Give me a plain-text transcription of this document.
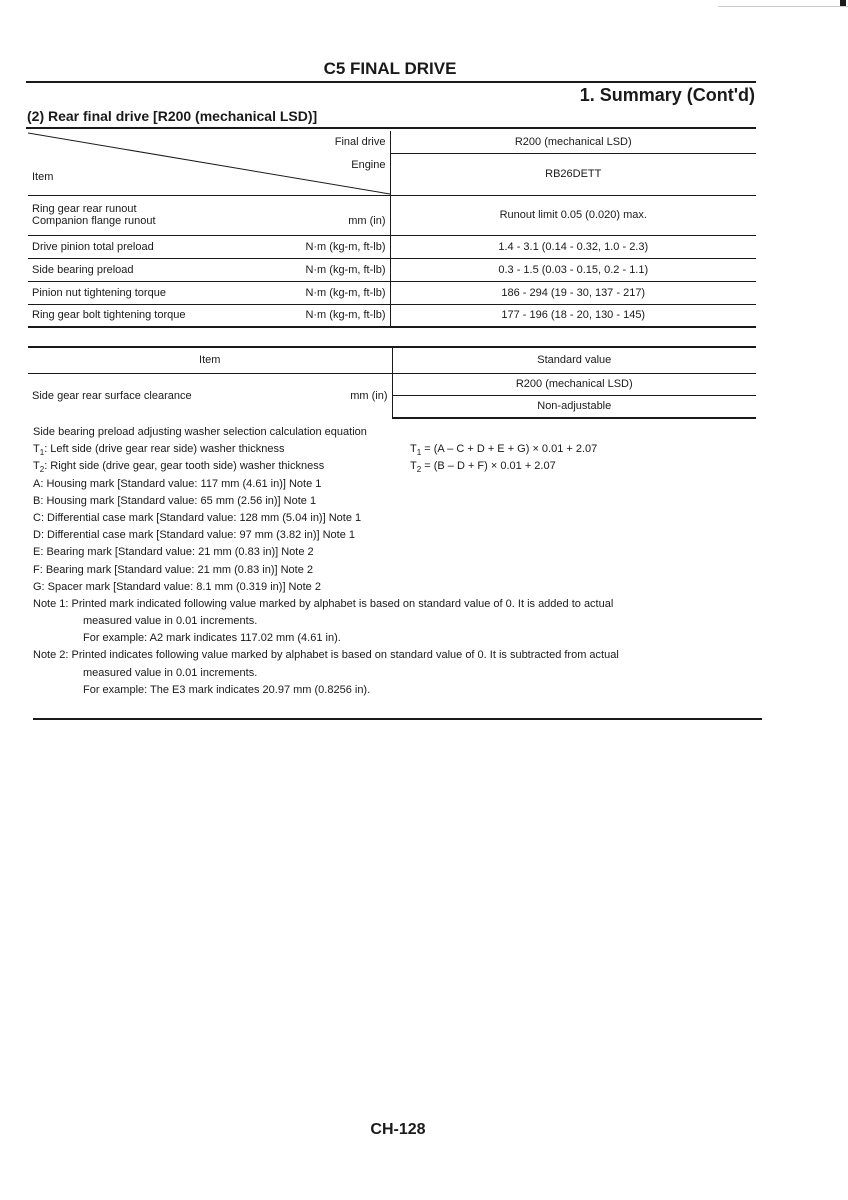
C5 FINAL DRIVE
1. Summary (Cont'd)
(2) Rear final drive [R200 (mechanical LSD)]
Final drive	R200 (mechanical LSD)

Engine
Item	RB26DETT

Ring gear rear runout
Companion flange runout mm (in)	Runout limit 0.05 (0.020) max.

Drive pinion total preload N·m (kg-m, ft-lb)	1.4 - 3.1 (0.14 - 0.32, 1.0 - 2.3)

Side bearing preload N·m (kg-m, ft-lb)	0.3 - 1.5 (0.03 - 0.15, 0.2 - 1.1)

Pinion nut tightening torque N·m (kg-m, ft-lb)	186 - 294 (19 - 30, 137 - 217)

Ring gear bolt tightening torque N·m (kg-m, ft-lb)	177 - 196 (18 - 20, 130 - 145)
Item	Standard value

Side gear rear surface clearance mm (in)	R200 (mechanical LSD)
	Non-adjustable
Side bearing preload adjusting washer selection calculation equation
$T_1$: Left side (drive gear rear side) washer thickness	$T_1 = (A - C + D + E + G) \times 0.01 + 2.07$
$T_2$: Right side (drive gear, gear tooth side) washer thickness	$T_2 = (B - D + F) \times 0.01 + 2.07$
A: Housing mark [Standard value: 117 mm (4.61 in)] Note 1
B: Housing mark [Standard value: 65 mm (2.56 in)] Note 1
C: Differential case mark [Standard value: 128 mm (5.04 in)] Note 1
D: Differential case mark [Standard value: 97 mm (3.82 in)] Note 1
E: Bearing mark [Standard value: 21 mm (0.83 in)] Note 2
F: Bearing mark [Standard value: 21 mm (0.83 in)] Note 2
G: Spacer mark [Standard value: 8.1 mm (0.319 in)] Note 2
Note 1: Printed mark indicated following value marked by alphabet is based on standard value of 0. It is added to actual
measured value in 0.01 increments.
For example: A2 mark indicates 117.02 mm (4.61 in).
Note 2: Printed indicates following value marked by alphabet is based on standard value of 0. It is subtracted from actual
measured value in 0.01 increments.
For example: The E3 mark indicates 20.97 mm (0.8256 in).
CH-128
